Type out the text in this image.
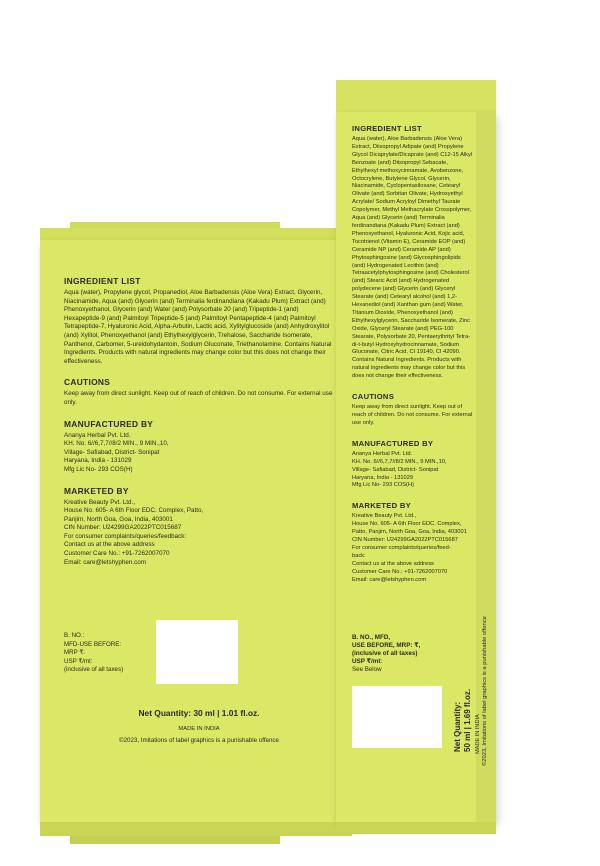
INGREDIENT LIST

Aqua (water), Propylene glycol, Propanediol, Aloe Barbadensis (Aloe Vera) Extract, Glycerin, Niacinamide, Aqua (and) Glycerin (and) Terminalia ferdinandiana (Kakadu Plum) Extract (and) Phenoxyethanol, Glycerin (and) Water (and) Polysorbate 20 (and) Tripeptide-1 (and) Hexapeptide-9 (and) Palmitoyl Tripeptide-5 (and) Palmitoyl Pentapeptide-4 (and) Palmitoyl Tetrapeptide-7, Hyaluronic Acid, Alpha-Arbutin, Lactic acid, Xylitylglucoside (and) Anhydroxylitol (and) Xylitol, Phenoxyethanol (and) Ethylhexylglycerin, Trehalose, Saccharide Isomerate, Panthenol, Carbomer, 5-ureidohydantoin, Sodium Gluconate, Triethanolamine. Contains Natural Ingredients. Products with natural ingredients may change color but this does not change their effectiveness.

CAUTIONS

Keep away from direct sunlight. Keep out of reach of children. Do not consume. For external use only.

MANUFACTURED BY

Ananya Herbal Pvt. Ltd.

KH. No. 6//6,7,7//8/2 MIN., 9 MIN.,10,

Village- Safiabad, District- Sonipat

Haryana, India - 131029

Mfg Lic No- 293 COS(H)

MARKETED BY

Kreative Beauty Pvt. Ltd.,

House No. 605- A 6th Floor EDC. Complex, Patto,

Panjim, North Goa, Goa, India, 403001

CIN Number: U24299GA2022PTC015687

For consumer complaints/queries/feedback:

Contact us at the above address

Customer Care No.: +91-7262007070

Email: care@letshyphen.com

B. NO.:

MFD-USE BEFORE:

MRP ₹:

USP ₹/ml:

(inclusive of all taxes)

Net Quantity: 30 ml | 1.01 fl.oz.
MADE IN INDIA
©2023, Imitations of label graphics is a punishable offence

INGREDIENT LIST

Aqua (water), Aloe Barbadensis (Aloe Vera) Extract, Diisopropyl Adipate (and) Propylene Glycol Dicaprylate/Dicaprate (and) C12-15 Alkyl Benzoate (and) Diisopropyl Sebacate, Ethylhexyl methoxycinnamate, Avobenzone, Octocrylene, Butylene Glycol, Glycerin, Niacinamide, Cyclopentasiloxane, Cetearyl Olivate (and) Sorbitan Olivate, Hydroxyethyl Acrylate/ Sodium Acryloyl Dimethyl Taurate Copolymer, Methyl Methacrylate Crosspolymer, Aqua (and) Glycerin (and) Terminalia ferdinandiana (Kakadu Plum) Extract (and) Phenoxyethanol, Hyaluronic Acid, Kojic acid, Tocotrienol (Vitamin E), Ceramide EOP (and) Ceramide NP (and) Ceramide AP (and) Phytosphingosine (and) Glycosphingolipids (and) Hydrogenated Lecithin (and) Tetraacetylphytosphingosine (and) Cholesterol (and) Stearic Acid (and) Hydrogenated polydecene (and) Glycerin (and) Glyceryl Stearate (and) Cetearyl alcohol (and) 1,2-Hexanediol (and) Xanthan gum (and) Water, Titanium Dioxide, Phenoxyethanol (and) Ethylhexylglycerin, Saccharide Isomerate, Zinc Oxide, Glyceryl Stearate (and) PEG-100 Stearate, Polysorbate 20, Pentaerythrityl Tetra-di-t-butyl Hydroxyhydrocinnamate, Sodium Gluconate, Citric Acid, CI 19140, CI 42090. Contains Natural Ingredients. Products with natural ingredients may change color but this does not change their effectiveness.

CAUTIONS

Keep away from direct sunlight. Keep out of reach of children. Do not consume. For external use only.

MANUFACTURED BY

Ananya Herbal Pvt. Ltd.

KH. No. 6//6,7,7//8/2 MIN., 9 MIN.,10,

Village- Safiabad, District- Sonipat

Haryana, India - 131029

Mfg Lic No- 293 COS(H)

MARKETED BY

Kreative Beauty Pvt. Ltd.,

House No. 605- A 6th Floor EDC. Complex,

Patto, Panjim, North Goa, Goa, India, 403001

CIN Number: U24299GA2022PTC015687

For consumer complaints/queries/feed-

back:

Contact us at the above address

Customer Care No.: +91-7262007070

Email: care@letshyphen.com

B. NO., MFD,

USE BEFORE, MRP: ₹,

(inclusive of all taxes)

USP ₹/ml:

See Below

Net Quantity: 50 ml | 1.69 fl.oz. MADE IN INDIA ©2023, Imitations of label graphics is a punishable offence
